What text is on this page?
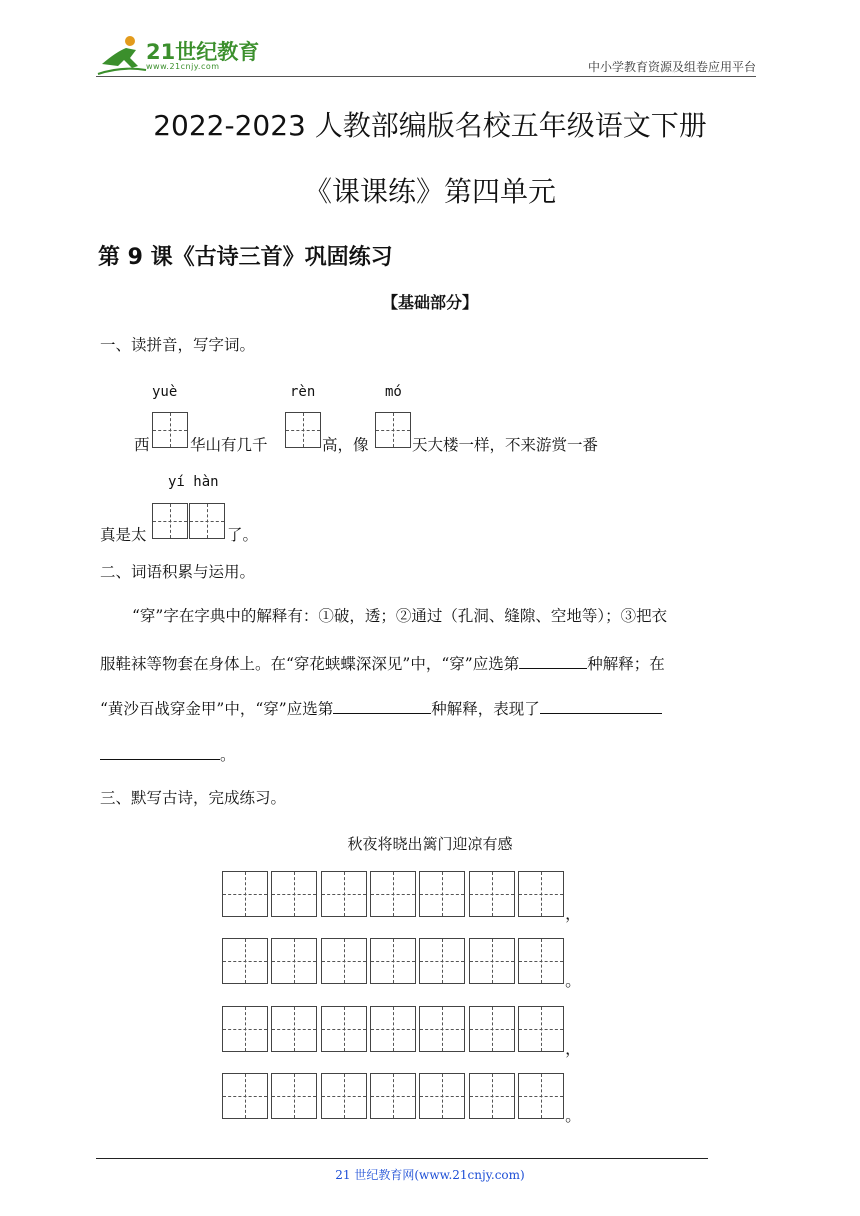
21世纪教育
www.21cnjy.com	中小学教育资源及组卷应用平台
2022-2023 人教部编版名校五年级语文下册
《课课练》第四单元
第 9 课《古诗三首》巩固练习
【基础部分】
一、读拼音，写字词。
yuè	rèn	mó
西	华山有几千	高，像	天大楼一样，不来游赏一番
yí hàn
真是太	了。
二、词语积累与运用。
“穿”字在字典中的解释有：①破，透；②通过（孔洞、缝隙、空地等）；③把衣
服鞋袜等物套在身体上。在“穿花蛱蝶深深见”中，“穿”应选第	种解释；在
“黄沙百战穿金甲”中，“穿”应选第	种解释，表现了
。
三、默写古诗，完成练习。
秋夜将晓出篱门迎凉有感
，
。
，
。
21 世纪教育网(www.21cnjy.com)
